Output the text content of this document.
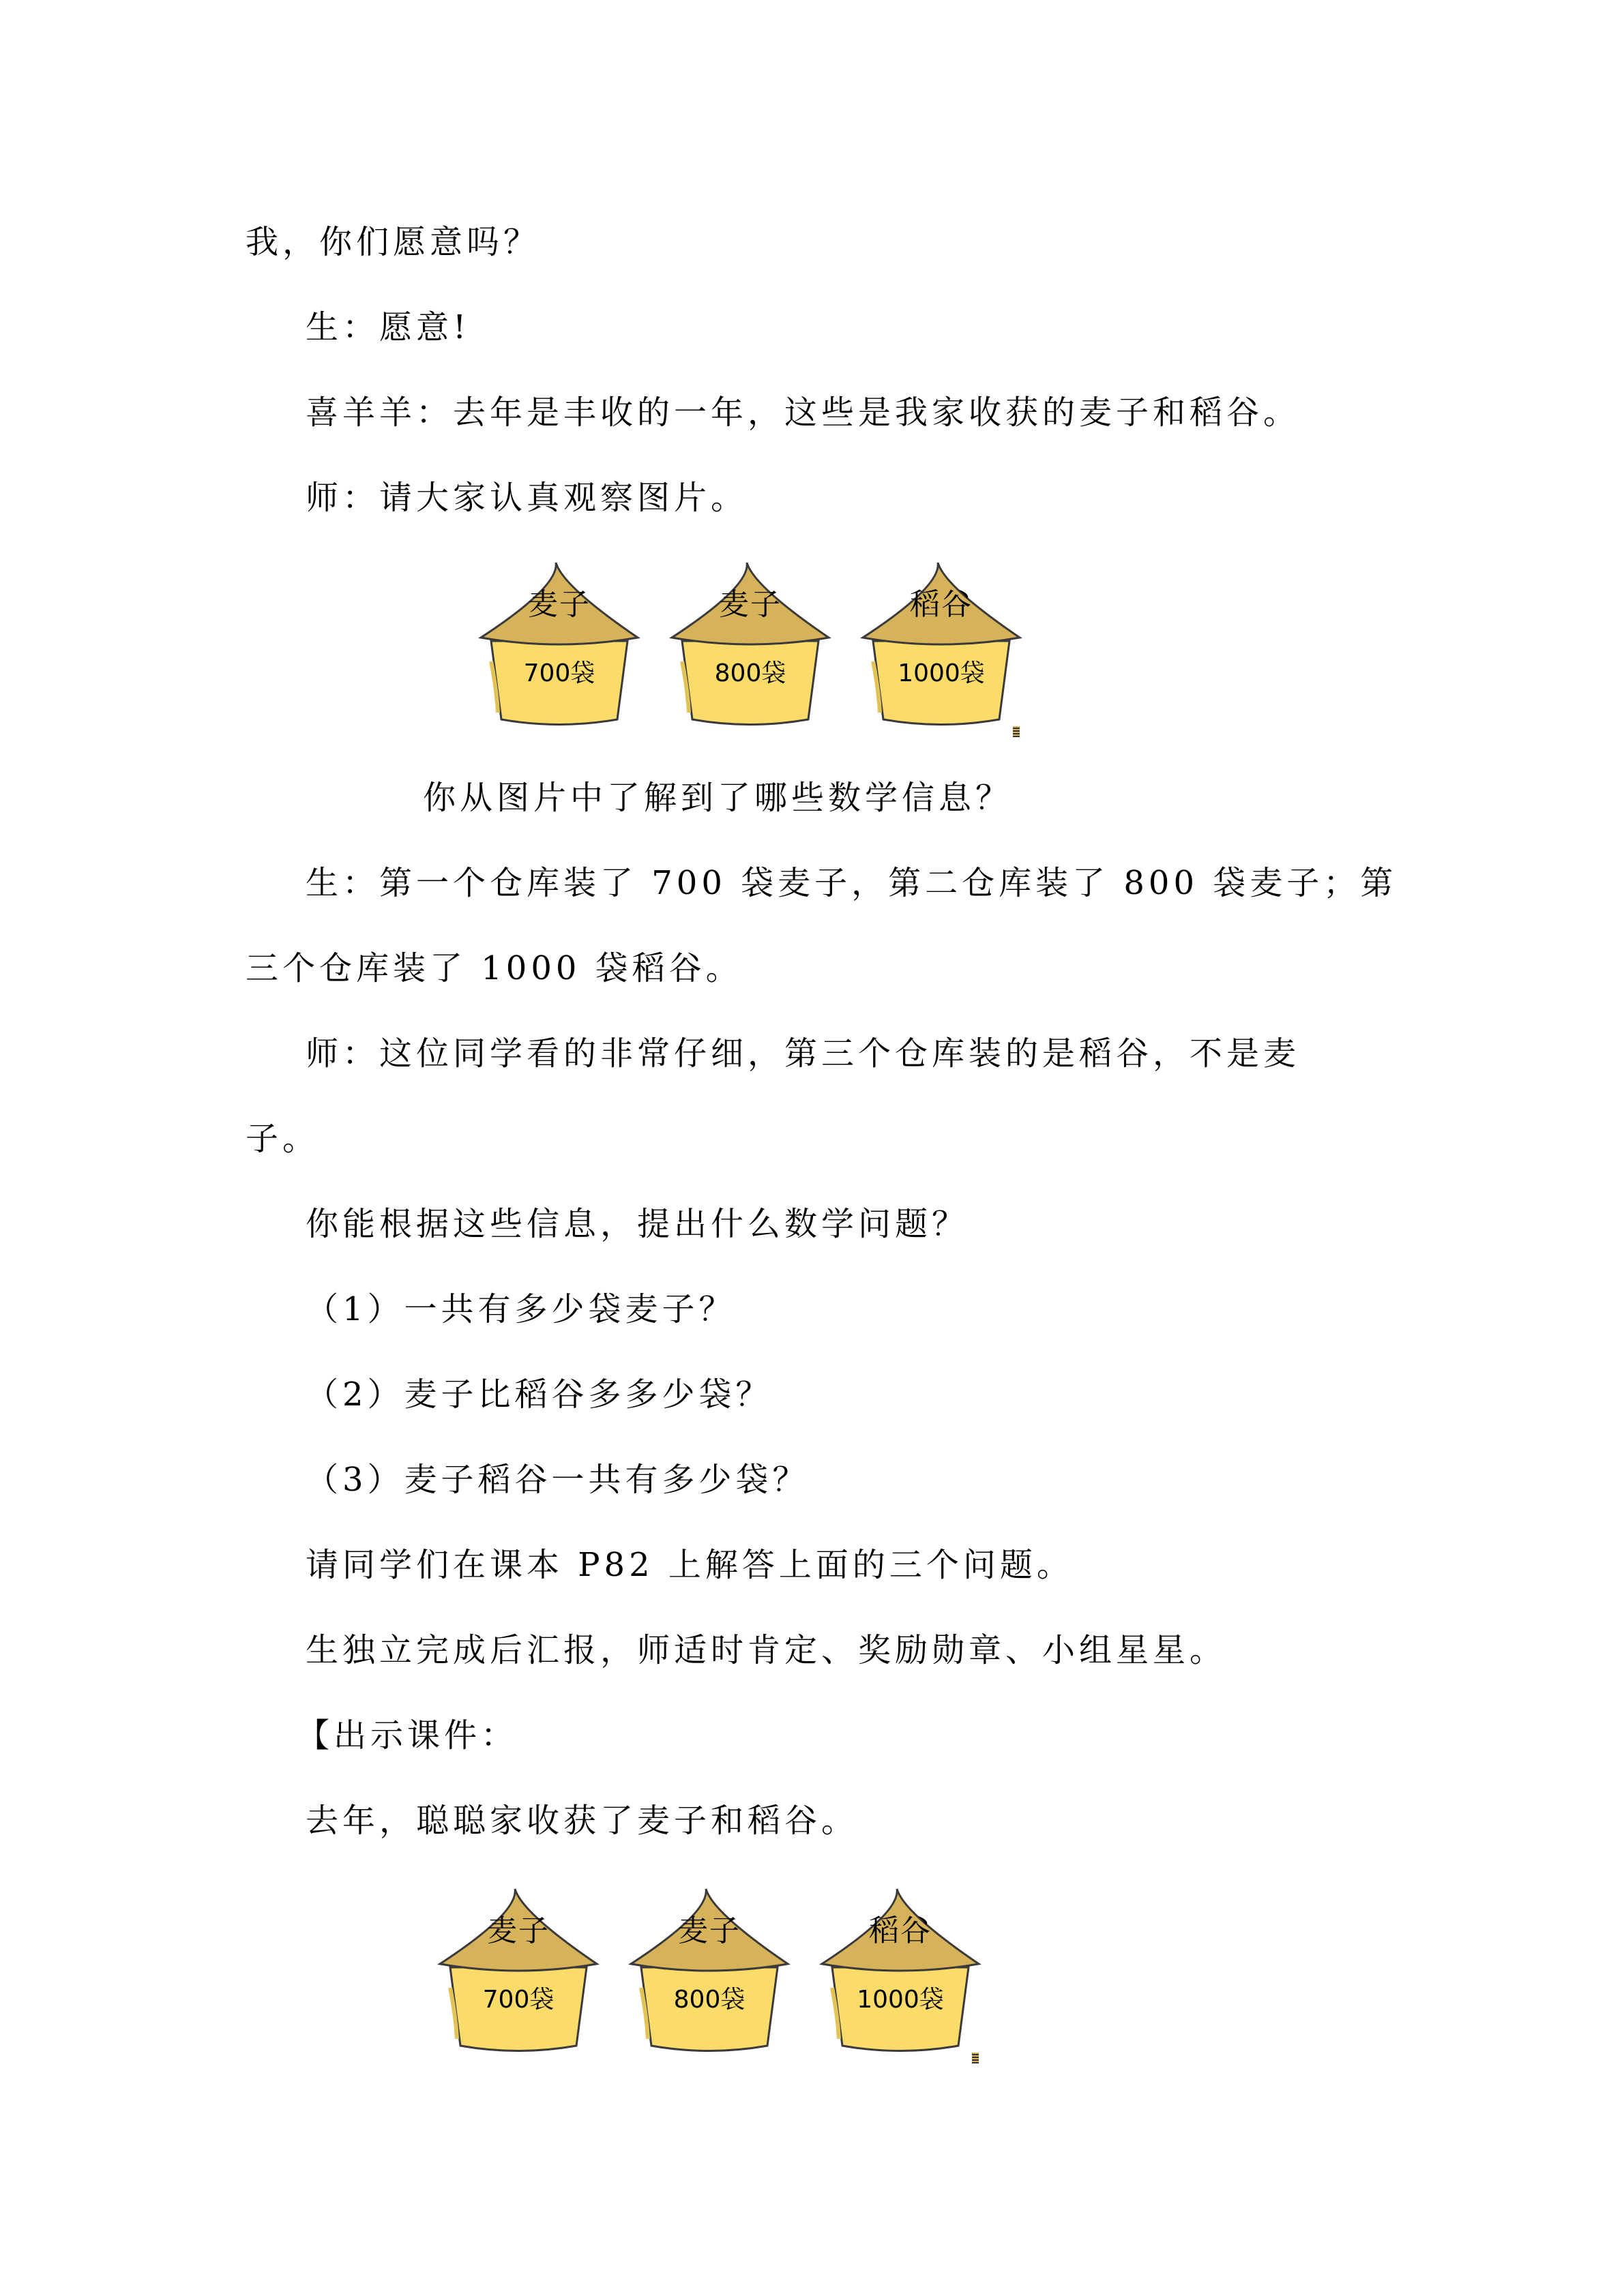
我，你们愿意吗？
生：愿意!
喜羊羊：去年是丰收的一年，这些是我家收获的麦子和稻谷。
师：请大家认真观察图片。
麦子
700袋
麦子
800袋
稻谷
1000袋
你从图片中了解到了哪些数学信息？
生：第一个仓库装了 700 袋麦子，第二仓库装了 800 袋麦子；第
三个仓库装了 1000 袋稻谷。
师：这位同学看的非常仔细，第三个仓库装的是稻谷，不是麦
子。
你能根据这些信息，提出什么数学问题？
（1）一共有多少袋麦子？
（2）麦子比稻谷多多少袋？
（3）麦子稻谷一共有多少袋？
请同学们在课本 P82 上解答上面的三个问题。
生独立完成后汇报，师适时肯定、奖励勋章、小组星星。
【出示课件：
去年，聪聪家收获了麦子和稻谷。
麦子
700袋
麦子
800袋
稻谷
1000袋
